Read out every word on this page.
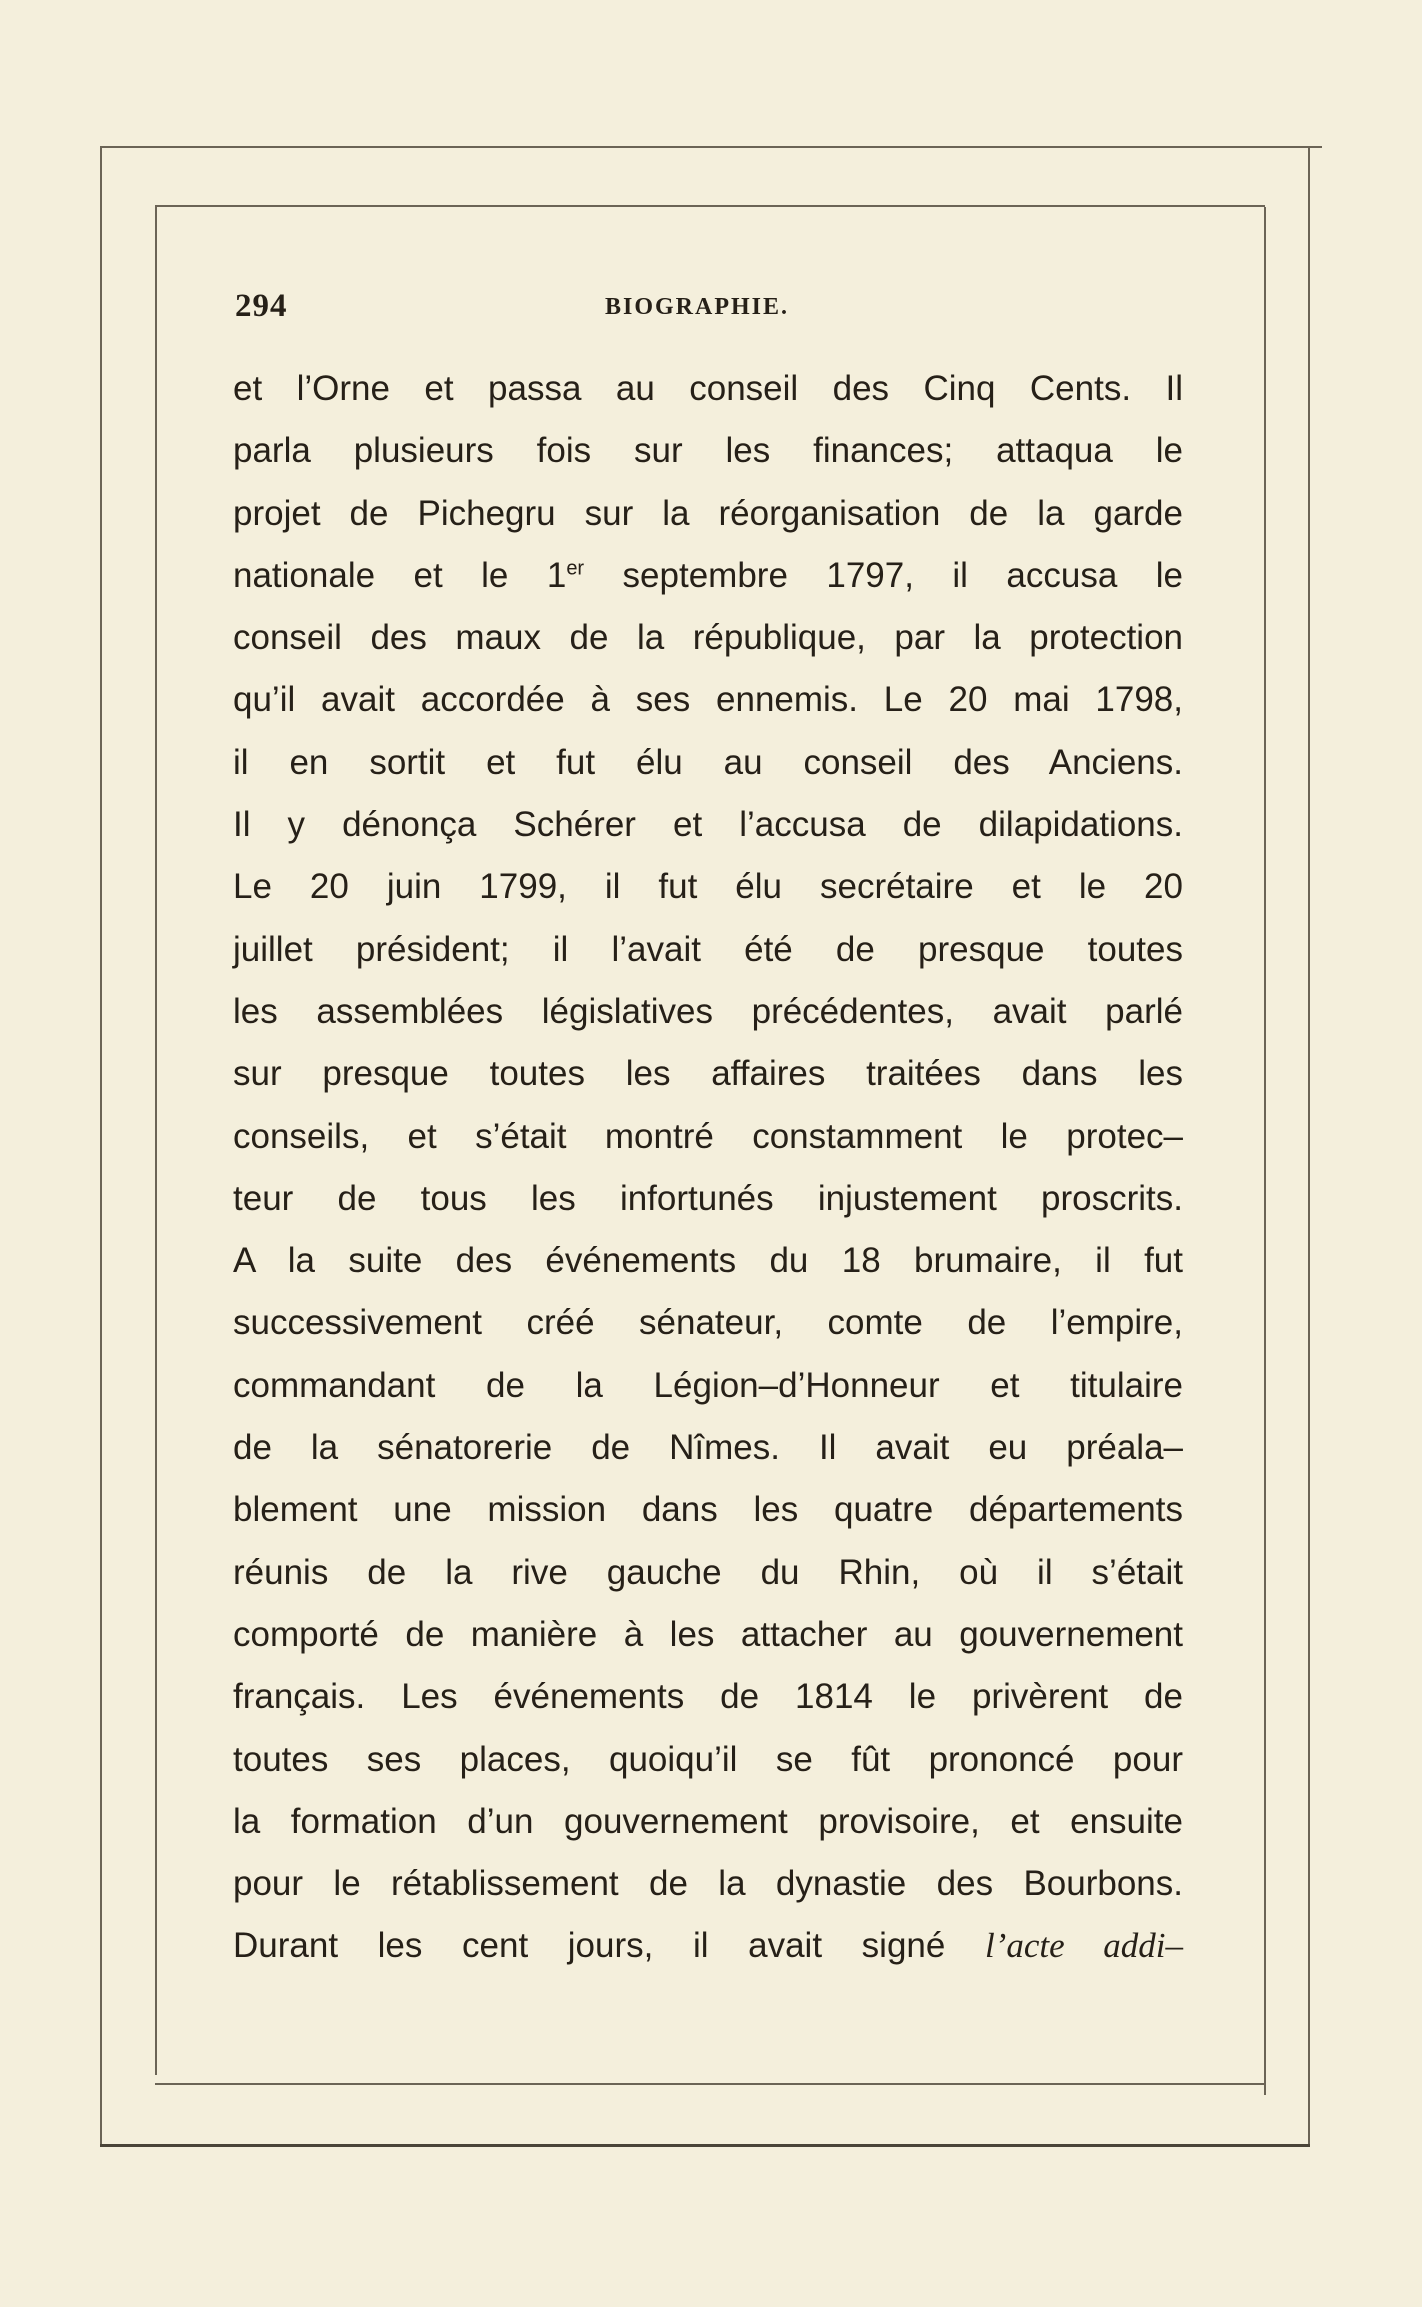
294	BIOGRAPHIE.
et l’Orne et passa au conseil des Cinq Cents. Il
parla plusieurs fois sur les finances; attaqua le
projet de Pichegru sur la réorganisation de la garde
nationale et le 1er septembre 1797, il accusa le
conseil des maux de la république, par la protection
qu’il avait accordée à ses ennemis. Le 20 mai 1798,
il en sortit et fut élu au conseil des Anciens.
Il y dénonça Schérer et l’accusa de dilapidations.
Le 20 juin 1799, il fut élu secrétaire et le 20
juillet président; il l’avait été de presque toutes
les assemblées législatives précédentes, avait parlé
sur presque toutes les affaires traitées dans les
conseils, et s’était montré constamment le protec–
teur de tous les infortunés injustement proscrits.
A la suite des événements du 18 brumaire, il fut
successivement créé sénateur, comte de l’empire,
commandant de la Légion–d’Honneur et titulaire
de la sénatorerie de Nîmes. Il avait eu préala–
blement une mission dans les quatre départements
réunis de la rive gauche du Rhin, où il s’était
comporté de manière à les attacher au gouvernement
français. Les événements de 1814 le privèrent de
toutes ses places, quoiqu’il se fût prononcé pour
la formation d’un gouvernement provisoire, et ensuite
pour le rétablissement de la dynastie des Bourbons.
Durant les cent jours, il avait signé l’acte addi–
